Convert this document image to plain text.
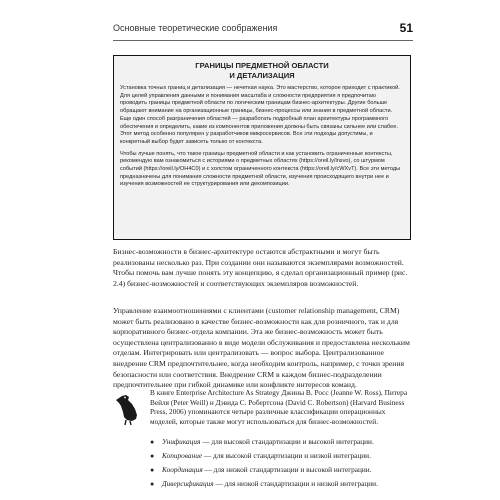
Основные теоретические соображения	51
ГРАНИЦЫ ПРЕДМЕТНОЙ ОБЛАСТИ
И ДЕТАЛИЗАЦИЯ

Установка точных границ и детализация — нечеткая наука. Это мастерство, которое приходит с практикой. Для целей управления данными и понимания масштаба и сложности предприятия я предпочитаю проводить границы предметной области по логическим границам бизнес-архитектуры. Другие больше обращают внимание на организационные границы, бизнес-процессы или знания в предметной области. Еще один способ разграничения областей — разработать подробный план архитектуры программного обеспечения и определить, какие из компонентов приложения должны быть связаны сильнее или слабее. Этот метод особенно популярен у разработчиков микросервисов. Все эти подходы допустимы, и конкретный выбор будет зависеть только от контекста.

Чтобы лучше понять, что такое границы предметной области и как установить ограниченные контексты, рекомендую вам ознакомиться с историями о предметных областях (https://oreil.ly/lnsvo), со штурмом событий (https://oreil.ly/OH4C0) и с холстом ограниченного контекста (https://oreil.ly/cWXvT). Все эти методы предназначены для понимания сложности предметной области, изучения происходящего внутри нее и изучения возможностей ее структурирования или декомпозиции.

Бизнес-возможности в бизнес-архитектуре остаются абстрактными и могут быть реализованы несколько раз. При создании они называются экземплярами возможностей. Чтобы помочь вам лучше понять эту концепцию, я сделал организационный пример (рис. 2.4) бизнес-возможностей и соответствующих экземпляров возможностей.

Управление взаимоотношениями с клиентами (customer relationship management, CRM) может быть реализовано в качестве бизнес-возможности как для розничного, так и для корпоративного бизнес-отдела компании. Эта же бизнес-возможность может быть осуществлена централизованно в виде модели обслуживания и предоставлена нескольким отделам. Интегрировать или централизовать — вопрос выбора. Централизованное внедрение CRM предпочтительнее, когда необходим контроль, например, с точки зрения безопасности или соответствия. Внедрение CRM в каждом бизнес-подразделении предпочтительнее при гибкой динамике или конфликте интересов команд.

В книге Enterprise Architecture As Strategy Джины В. Росс (Jeanne W. Ross), Питера Вейля (Peter Weill) и Дэвида С. Робертсона (David C. Robertson) (Harvard Business Press, 2006) упоминаются четыре различные классификации операционных моделей, которые также могут использоваться для бизнес-возможностей.

●	Унификация — для высокой стандартизации и высокой интеграции.
●	Копирование — для высокой стандартизации и низкой интеграции.
●	Координация — для низкой стандартизации и высокой интеграции.
●	Диверсификация — для низкой стандартизации и низкой интеграции.
